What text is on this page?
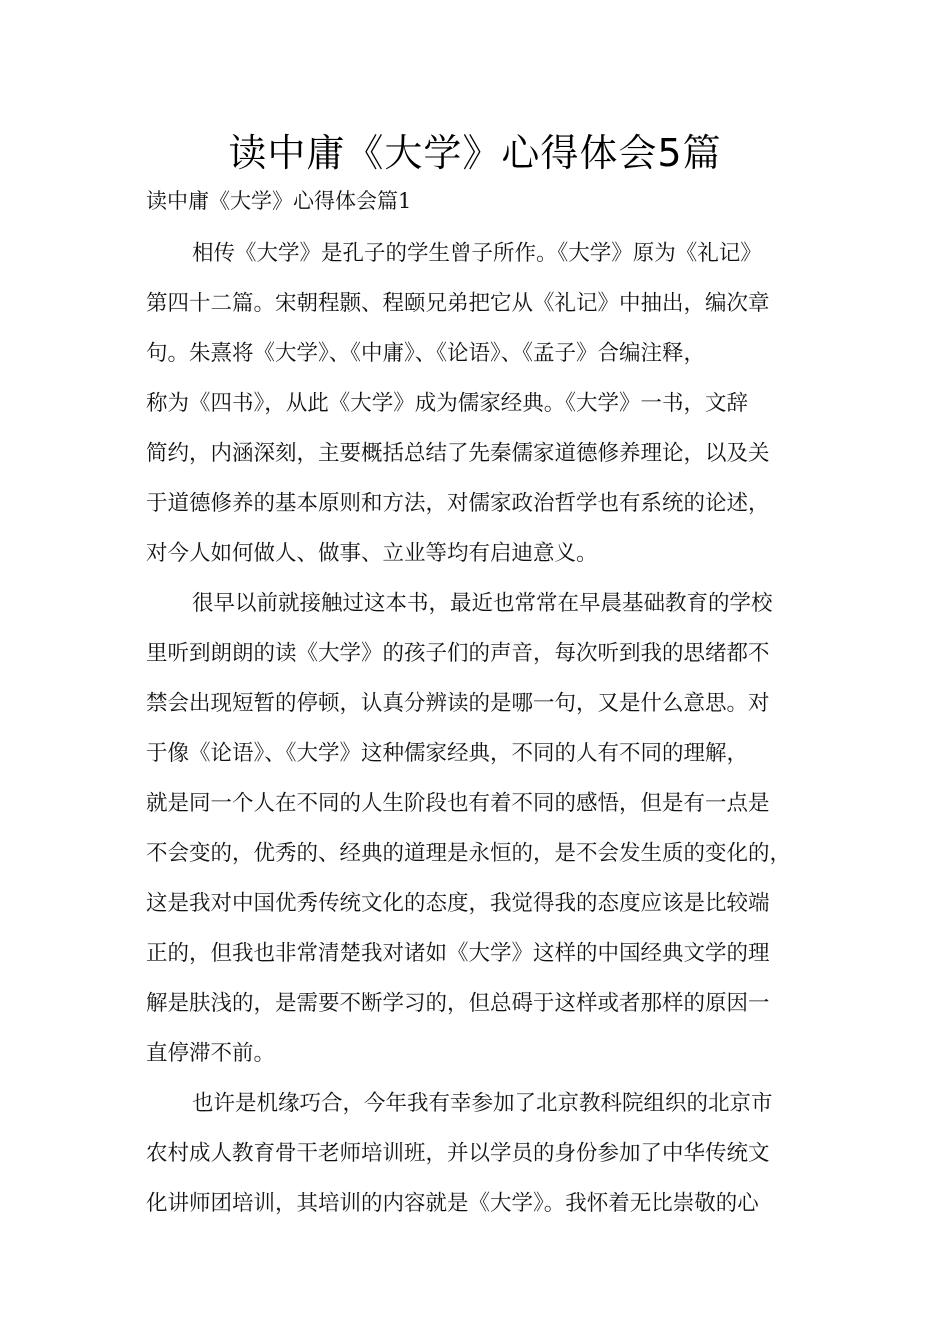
读中庸《大学》心得体会5篇
读中庸《大学》心得体会篇1

相传《大学》是孔子的学生曾子所作。《大学》原为《礼记》
第四十二篇。宋朝程颢、程颐兄弟把它从《礼记》中抽出，编次章
句。朱熹将《大学》、《中庸》、《论语》、《孟子》合编注释，
称为《四书》，从此《大学》成为儒家经典。《大学》一书，文辞
简约，内涵深刻，主要概括总结了先秦儒家道德修养理论，以及关
于道德修养的基本原则和方法，对儒家政治哲学也有系统的论述，
对今人如何做人、做事、立业等均有启迪意义。

很早以前就接触过这本书，最近也常常在早晨基础教育的学校
里听到朗朗的读《大学》的孩子们的声音，每次听到我的思绪都不
禁会出现短暂的停顿，认真分辨读的是哪一句，又是什么意思。对
于像《论语》、《大学》这种儒家经典，不同的人有不同的理解，
就是同一个人在不同的人生阶段也有着不同的感悟，但是有一点是
不会变的，优秀的、经典的道理是永恒的，是不会发生质的变化的，
这是我对中国优秀传统文化的态度，我觉得我的态度应该是比较端
正的，但我也非常清楚我对诸如《大学》这样的中国经典文学的理
解是肤浅的，是需要不断学习的，但总碍于这样或者那样的原因一
直停滞不前。

也许是机缘巧合，今年我有幸参加了北京教科院组织的北京市
农村成人教育骨干老师培训班，并以学员的身份参加了中华传统文
化讲师团培训，其培训的内容就是《大学》。我怀着无比崇敬的心
